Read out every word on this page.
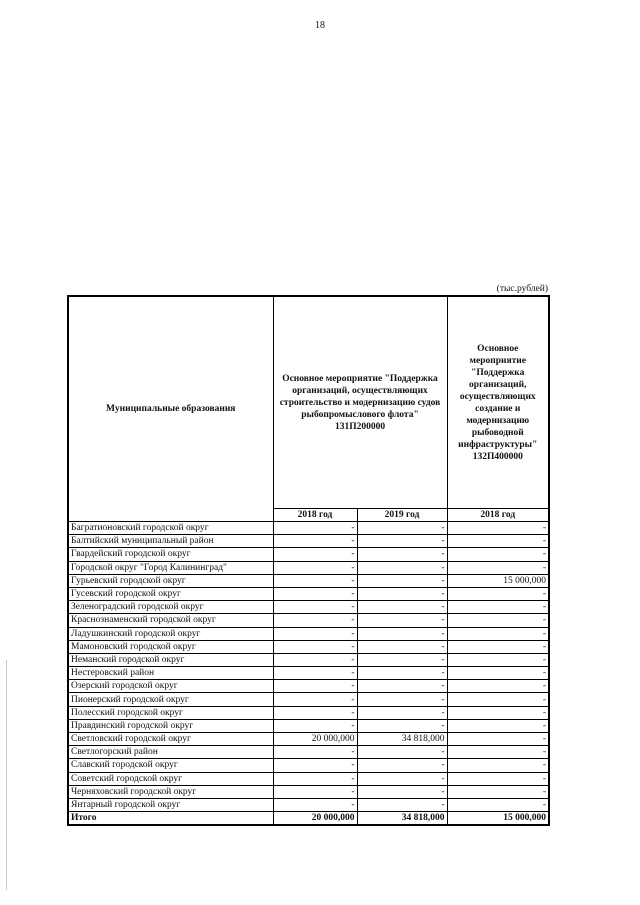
18
(тыс.рублей)
Муниципальные образования	Основное мероприятие "Поддержка организаций, осуществляющих строительство и модернизацию судов рыбопромыслового флота" 131П200000		Основное мероприятие "Поддержка организаций, осуществляющих создание и модернизацию рыбоводной инфраструктуры" 132П400000
	2018 год	2019 год	2018 год
Багратионовский городской округ	-	-	-
Балтийский муниципальный район	-	-	-
Гвардейский городской округ	-	-	-
Городской округ "Город Калининград"	-	-	-
Гурьевский городской округ	-	-	15 000,000
Гусевский городской округ	-	-	-
Зеленоградский городской округ	-	-	-
Краснознаменский городской округ	-	-	-
Ладушкинский городской округ	-	-	-
Мамоновский городской округ	-	-	-
Неманский городской округ	-	-	-
Нестеровский район	-	-	-
Озерский городской округ	-	-	-
Пионерский городской округ	-	-	-
Полесский городской округ	-	-	-
Правдинский городской округ	-	-	-
Светловский городской округ	20 000,000	34 818,000	-
Светлогорский район	-	-	-
Славский городской округ	-	-	-
Советский городской округ	-	-	-
Черняховский городской округ	-	-	-
Янтарный городской округ	-	-	-
Итого	20 000,000	34 818,000	15 000,000
